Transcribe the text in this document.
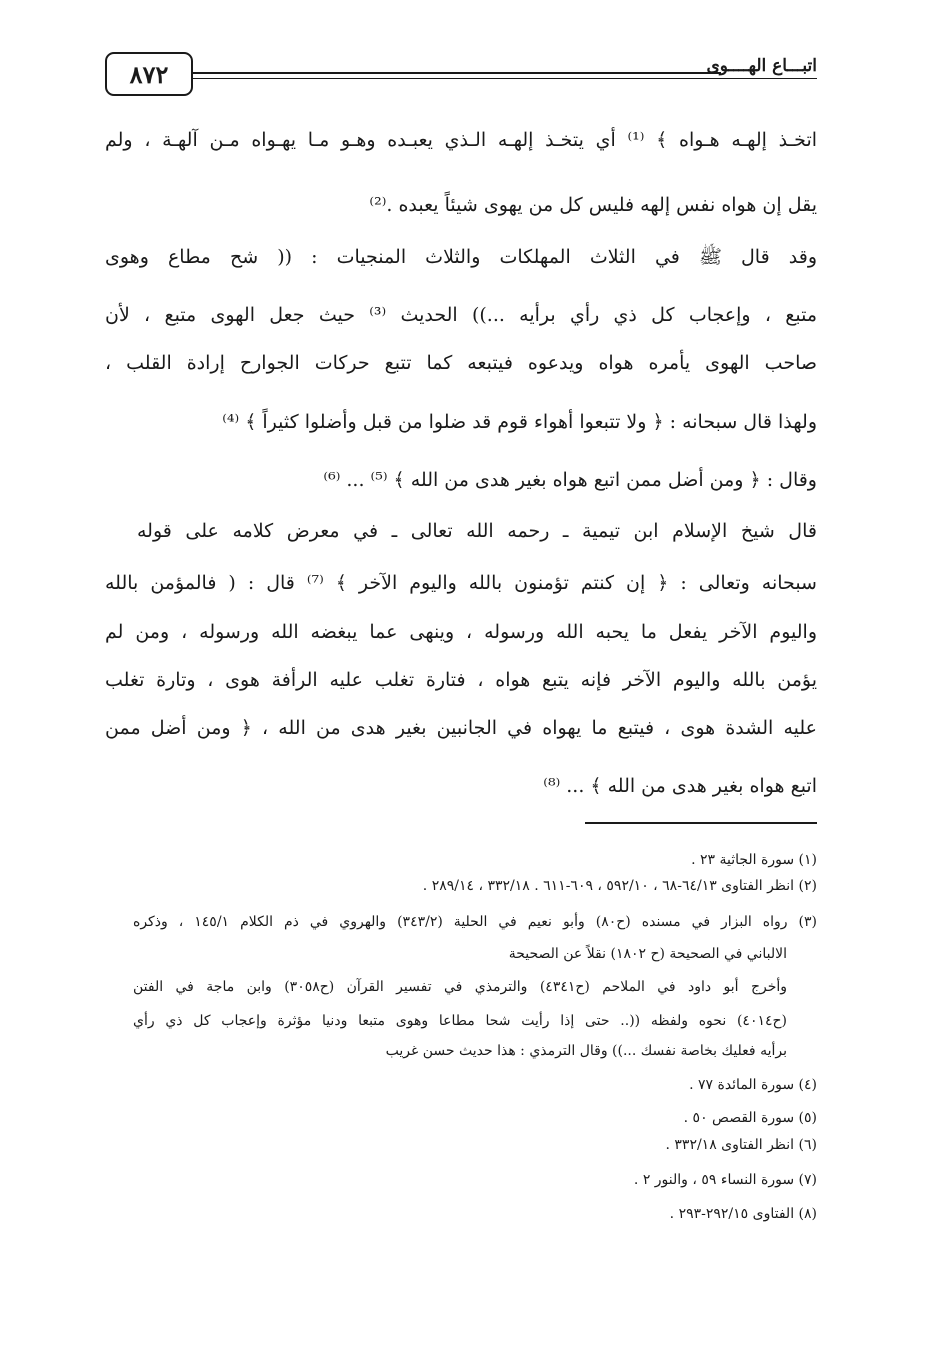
٨٧٢	اتبـــاع الهــــوى
اتخـذ إلهـه هـواه ﴾ ⁽¹⁾ أي يتخـذ إلهـه الـذي يعبـده وهـو مـا يهـواه مـن آلهـة ، ولم
يقل إن هواه نفس إلهه فليس كل من يهوى شيئاً يعبده .⁽²⁾
وقد قال ﷺ في الثلاث المهلكات والثلاث المنجيات : (( شح مطاع وهوى
متبع ، وإعجاب كل ذي رأي برأيه ...)) الحديث ⁽³⁾ حيث جعل الهوى متبع ، لأن
صاحب الهوى يأمره هواه ويدعوه فيتبعه كما تتبع حركات الجوارح إرادة القلب ،
ولهذا قال سبحانه : ﴿ ولا تتبعوا أهواء قوم قد ضلوا من قبل وأضلوا كثيراً ﴾ ⁽⁴⁾
وقال : ﴿ ومن أضل ممن اتبع هواه بغير هدى من الله ﴾ ⁽⁵⁾ ... ⁽⁶⁾
قال شيخ الإسلام ابن تيمية ـ رحمه الله تعالى ـ في معرض كلامه على قوله
سبحانه وتعالى : ﴿ إن كنتم تؤمنون بالله واليوم الآخر ﴾ ⁽⁷⁾ قال : ( فالمؤمن بالله
واليوم الآخر يفعل ما يحبه الله ورسوله ، وينهى عما يبغضه الله ورسوله ، ومن لم
يؤمن بالله واليوم الآخر فإنه يتبع هواه ، فتارة تغلب عليه الرأفة هوى ، وتارة تغلب
عليه الشدة هوى ، فيتبع ما يهواه في الجانبين بغير هدى من الله ، ﴿ ومن أضل ممن
اتبع هواه بغير هدى من الله ﴾ ... ⁽⁸⁾
(١) سورة الجاثية ٢٣ .
(٢) انظر الفتاوى ٦٤/١٣-٦٨ ، ٥٩٢/١٠ ، ٦٠٩-٦١١ . ٣٣٢/١٨ ، ٢٨٩/١٤ .
(٣) رواه البزار في مسنده (ح٨٠) وأبو نعيم في الحلية (٣٤٣/٢) والهروي في ذم الكلام ١٤٥/١ ، وذكره
الالباني في الصحيحة (ح ١٨٠٢) نقلاً عن الصحيحة
وأخرج أبو داود في الملاحم (ح٤٣٤١) والترمذي في تفسير القرآن (ح٣٠٥٨) وابن ماجة في الفتن
(ح٤٠١٤) نحوه ولفظه ((.. حتى إذا رأيت شحا مطاعا وهوى متبعا ودنيا مؤثرة وإعجاب كل ذي رأي
برأيه فعليك بخاصة نفسك ...)) وقال الترمذي : هذا حديث حسن غريب
(٤) سورة المائدة ٧٧ .
(٥) سورة القصص ٥٠ .
(٦) انظر الفتاوى ٣٣٢/١٨ .
(٧) سورة النساء ٥٩ ، والنور ٢ .
(٨) الفتاوى ٢٩٢/١٥-٢٩٣ .
